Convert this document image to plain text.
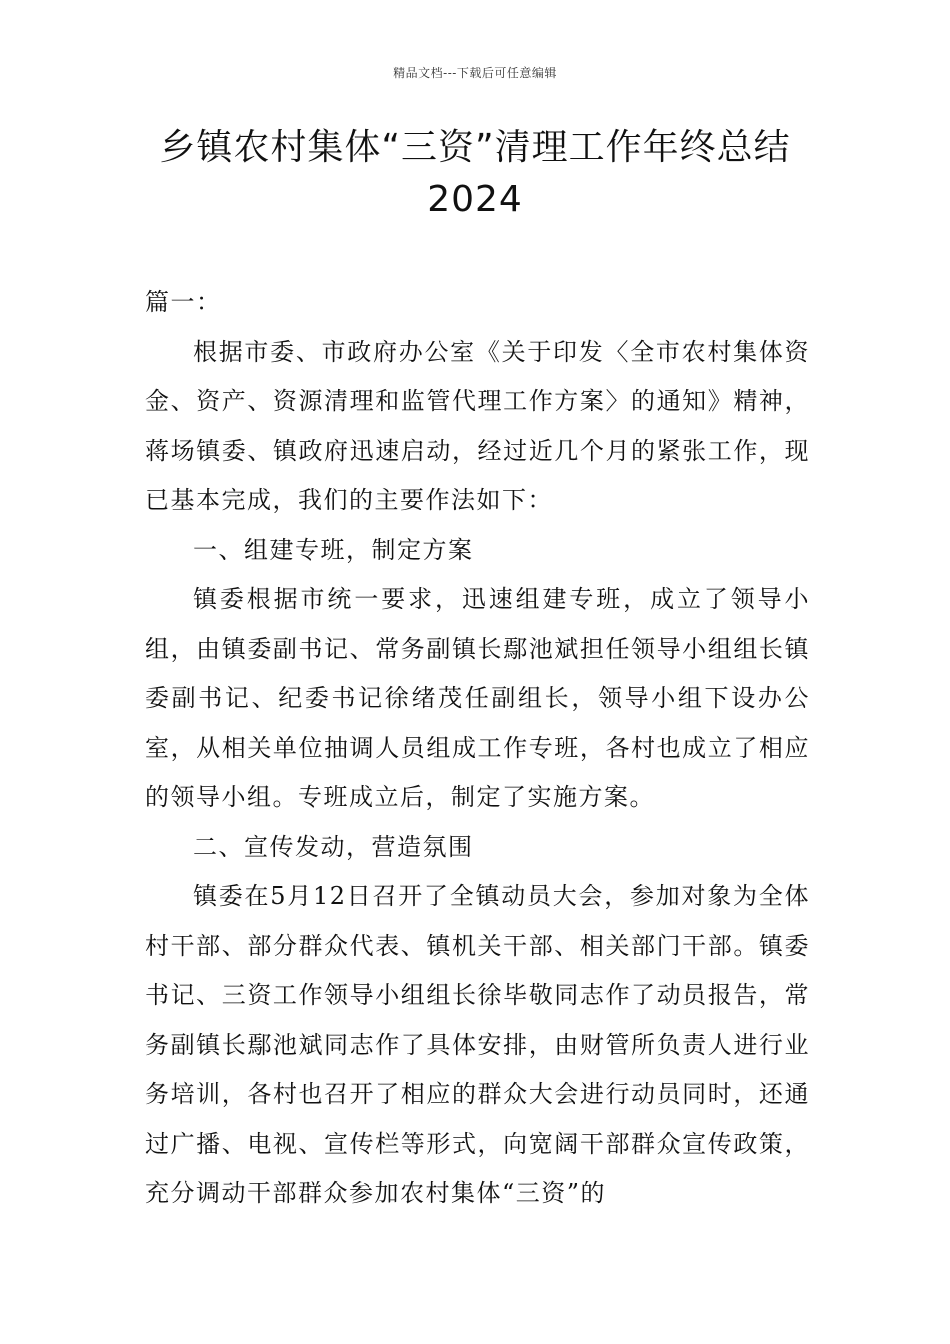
精品文档---下载后可任意编辑
乡镇农村集体“三资”清理工作年终总结2024

篇一：

根据市委、市政府办公室《关于印发〈全市农村集体资金、资产、资源清理和监管代理工作方案〉的通知》精神，蒋场镇委、镇政府迅速启动，经过近几个月的紧张工作，现已基本完成，我们的主要作法如下：

一、组建专班，制定方案

镇委根据市统一要求，迅速组建专班，成立了领导小组，由镇委副书记、常务副镇长鄢池斌担任领导小组组长镇委副书记、纪委书记徐绪茂任副组长，领导小组下设办公室，从相关单位抽调人员组成工作专班，各村也成立了相应的领导小组。专班成立后，制定了实施方案。

二、宣传发动，营造氛围

镇委在5月12日召开了全镇动员大会，参加对象为全体村干部、部分群众代表、镇机关干部、相关部门干部。镇委书记、三资工作领导小组组长徐毕敬同志作了动员报告，常务副镇长鄢池斌同志作了具体安排，由财管所负责人进行业务培训，各村也召开了相应的群众大会进行动员同时，还通过广播、电视、宣传栏等形式，向宽阔干部群众宣传政策，充分调动干部群众参加农村集体“三资”的
